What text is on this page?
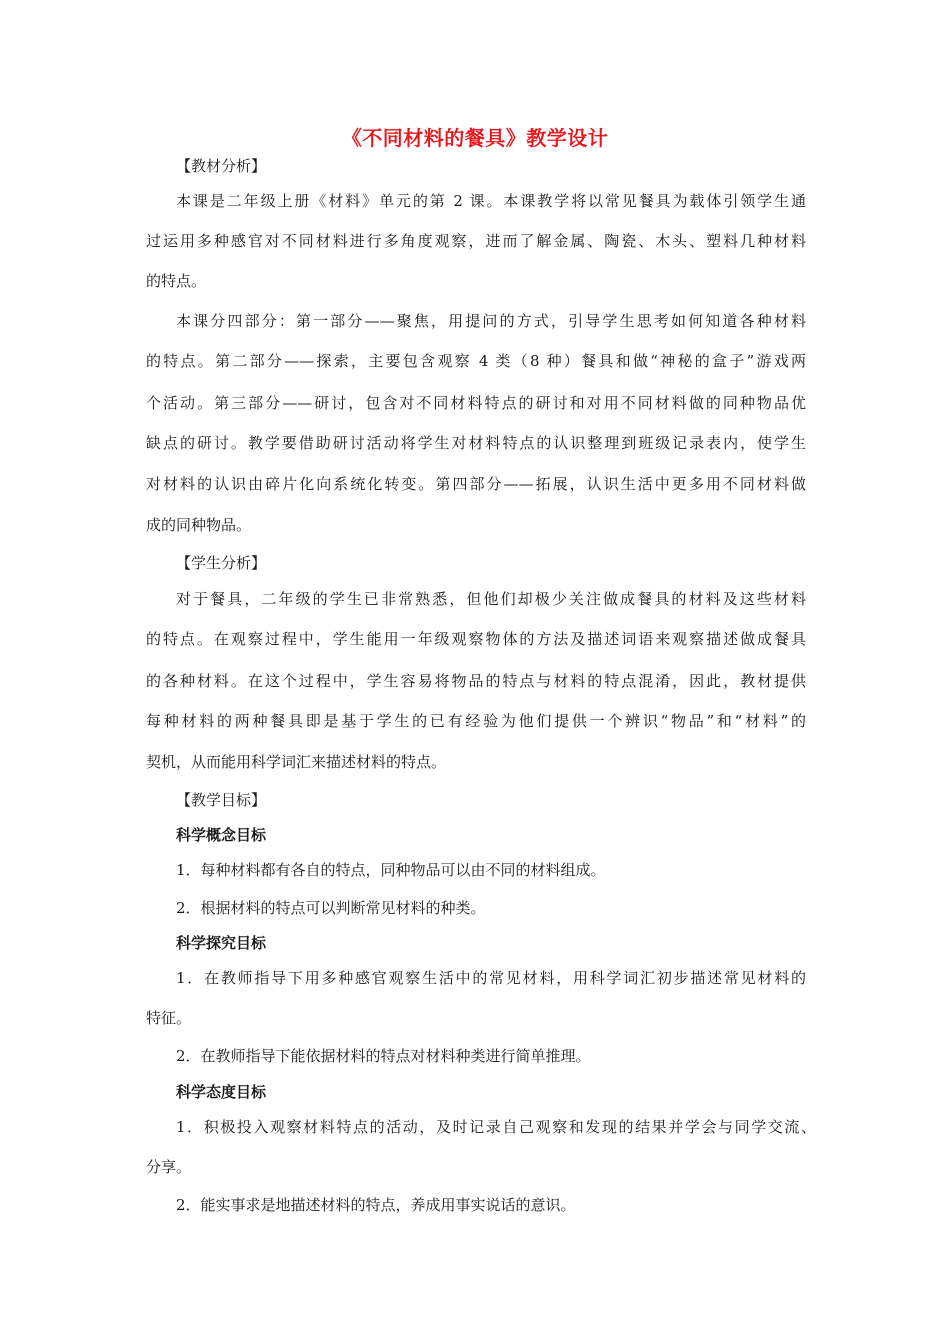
《不同材料的餐具》教学设计
【教材分析】
本课是二年级上册《材料》单元的第 2 课。本课教学将以常见餐具为载体引领学生通
过运用多种感官对不同材料进行多角度观察，进而了解金属、陶瓷、木头、塑料几种材料
的特点。
本课分四部分：第一部分——聚焦，用提问的方式，引导学生思考如何知道各种材料
的特点。第二部分——探索，主要包含观察 4 类（8 种）餐具和做“神秘的盒子”游戏两
个活动。第三部分——研讨，包含对不同材料特点的研讨和对用不同材料做的同种物品优
缺点的研讨。教学要借助研讨活动将学生对材料特点的认识整理到班级记录表内，使学生
对材料的认识由碎片化向系统化转变。第四部分——拓展，认识生活中更多用不同材料做
成的同种物品。
【学生分析】
对于餐具，二年级的学生已非常熟悉，但他们却极少关注做成餐具的材料及这些材料
的特点。在观察过程中，学生能用一年级观察物体的方法及描述词语来观察描述做成餐具
的各种材料。在这个过程中，学生容易将物品的特点与材料的特点混淆，因此，教材提供
每种材料的两种餐具即是基于学生的已有经验为他们提供一个辨识“物品”和“材料”的
契机，从而能用科学词汇来描述材料的特点。
【教学目标】
科学概念目标
1．每种材料都有各自的特点，同种物品可以由不同的材料组成。
2．根据材料的特点可以判断常见材料的种类。
科学探究目标
1．在教师指导下用多种感官观察生活中的常见材料，用科学词汇初步描述常见材料的
特征。
2．在教师指导下能依据材料的特点对材料种类进行简单推理。
科学态度目标
1．积极投入观察材料特点的活动，及时记录自己观察和发现的结果并学会与同学交流、
分享。
2．能实事求是地描述材料的特点，养成用事实说话的意识。
